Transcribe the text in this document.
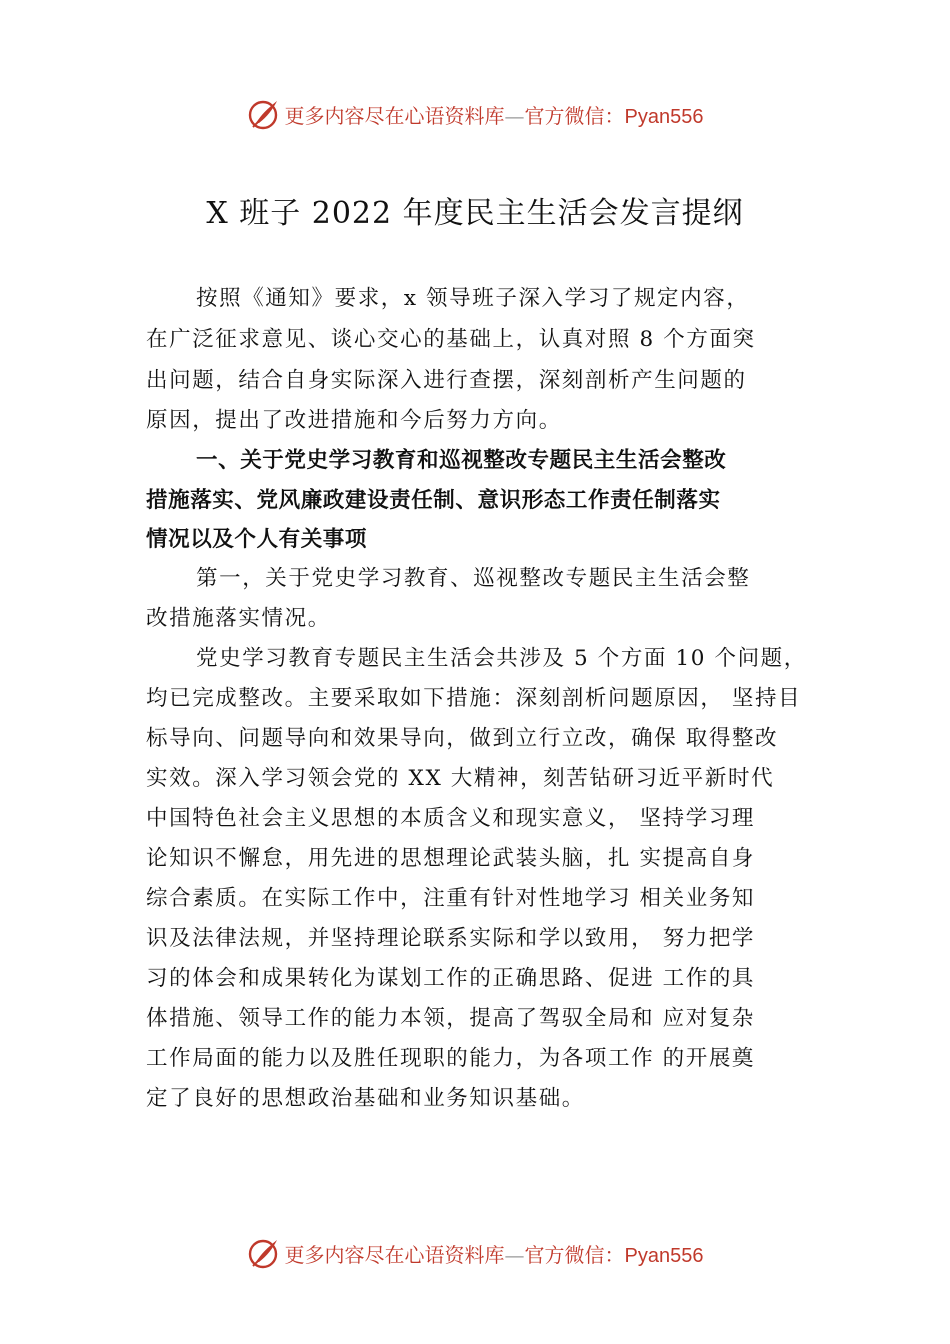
更多内容尽在心语资料库—官方微信：Pyan556
X 班子 2022 年度民主生活会发言提纲
按照《通知》要求，x 领导班子深入学习了规定内容，
在广泛征求意见、谈心交心的基础上，认真对照 8 个方面突
出问题，结合自身实际深入进行查摆，深刻剖析产生问题的
原因，提出了改进措施和今后努力方向。
一、关于党史学习教育和巡视整改专题民主生活会整改
措施落实、党风廉政建设责任制、意识形态工作责任制落实
情况以及个人有关事项
第一，关于党史学习教育、巡视整改专题民主生活会整
改措施落实情况。
党史学习教育专题民主生活会共涉及 5 个方面 10 个问题，
均已完成整改。主要采取如下措施：深刻剖析问题原因， 坚持目
标导向、问题导向和效果导向，做到立行立改，确保 取得整改
实效。深入学习领会党的 XX 大精神，刻苦钻研习近平新时代
中国特色社会主义思想的本质含义和现实意义， 坚持学习理
论知识不懈怠，用先进的思想理论武装头脑，扎 实提高自身
综合素质。在实际工作中，注重有针对性地学习 相关业务知
识及法律法规，并坚持理论联系实际和学以致用， 努力把学
习的体会和成果转化为谋划工作的正确思路、促进 工作的具
体措施、领导工作的能力本领，提高了驾驭全局和 应对复杂
工作局面的能力以及胜任现职的能力，为各项工作 的开展奠
定了良好的思想政治基础和业务知识基础。
更多内容尽在心语资料库—官方微信：Pyan556
